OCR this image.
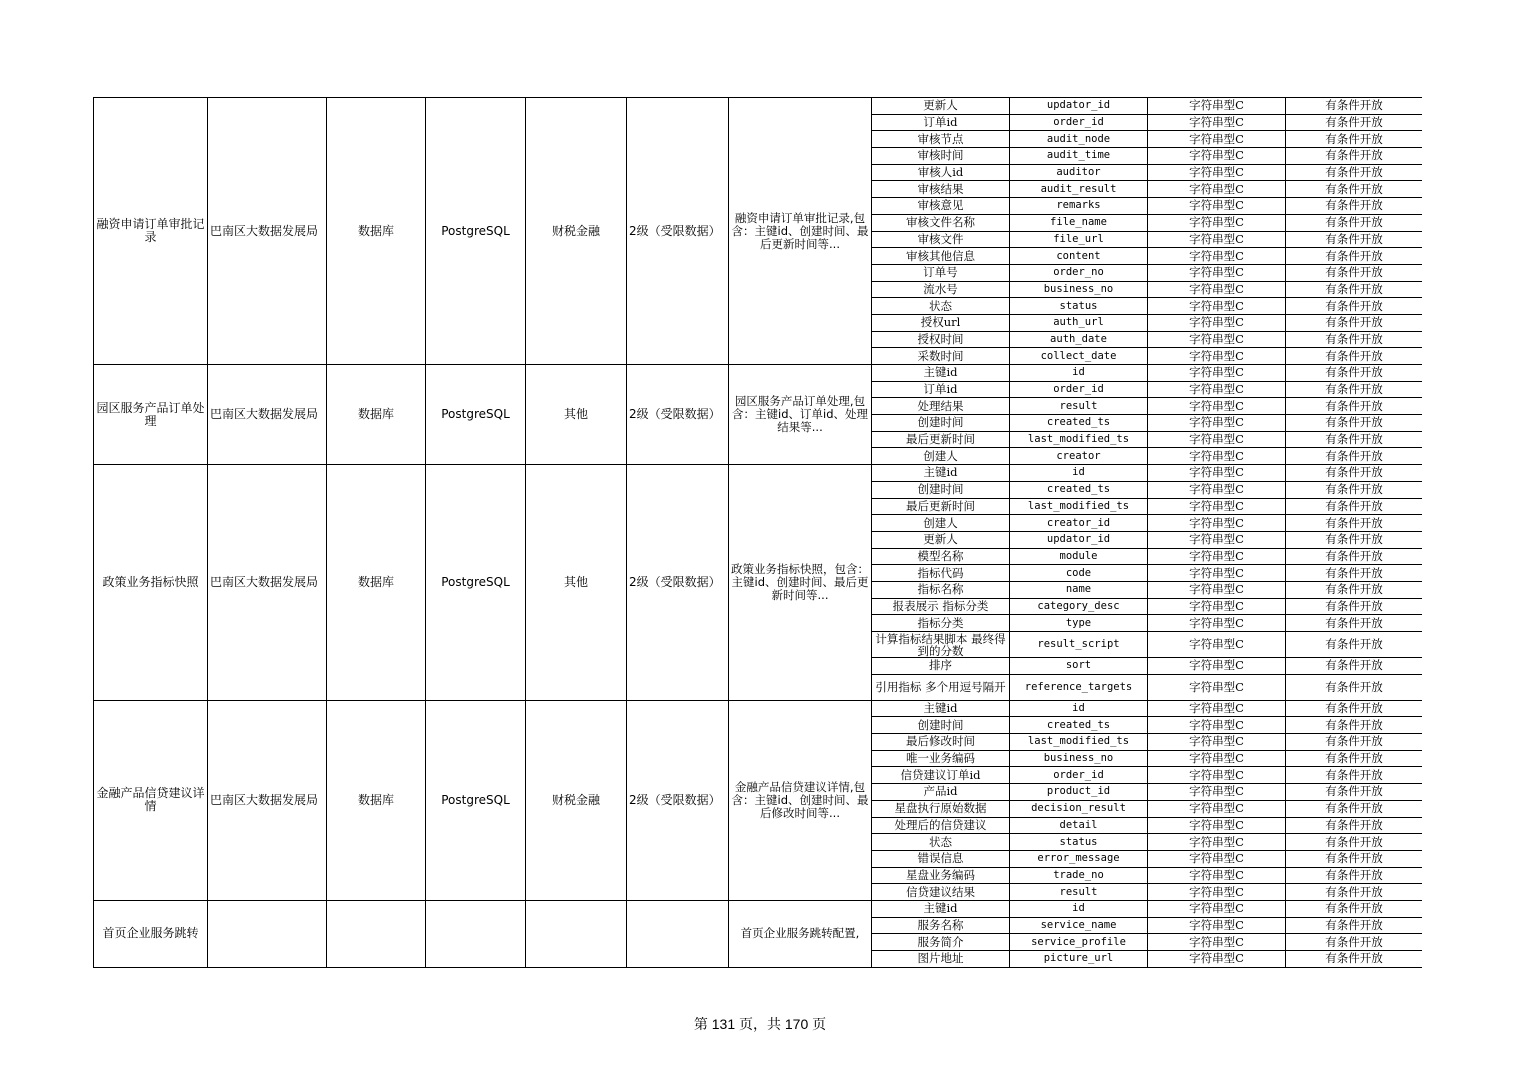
融资申请订单审批记录	巴南区大数据发展局	数据库	PostgreSQL	财税金融	2级（受限数据）	融资申请订单审批记录,包含：主键id、创建时间、最后更新时间等...	更新人	updator_id	字符串型C	有条件开放
							订单id	order_id	字符串型C	有条件开放
							审核节点	audit_node	字符串型C	有条件开放
							审核时间	audit_time	字符串型C	有条件开放
							审核人id	auditor	字符串型C	有条件开放
							审核结果	audit_result	字符串型C	有条件开放
							审核意见	remarks	字符串型C	有条件开放
							审核文件名称	file_name	字符串型C	有条件开放
							审核文件	file_url	字符串型C	有条件开放
							审核其他信息	content	字符串型C	有条件开放
							订单号	order_no	字符串型C	有条件开放
							流水号	business_no	字符串型C	有条件开放
							状态	status	字符串型C	有条件开放
							授权url	auth_url	字符串型C	有条件开放
							授权时间	auth_date	字符串型C	有条件开放
							采数时间	collect_date	字符串型C	有条件开放
园区服务产品订单处理	巴南区大数据发展局	数据库	PostgreSQL	其他	2级（受限数据）	园区服务产品订单处理,包含：主键id、订单id、处理结果等...	主键id	id	字符串型C	有条件开放
							订单id	order_id	字符串型C	有条件开放
							处理结果	result	字符串型C	有条件开放
							创建时间	created_ts	字符串型C	有条件开放
							最后更新时间	last_modified_ts	字符串型C	有条件开放
							创建人	creator	字符串型C	有条件开放
政策业务指标快照	巴南区大数据发展局	数据库	PostgreSQL	其他	2级（受限数据）	政策业务指标快照，包含：主键id、创建时间、最后更新时间等...	主键id	id	字符串型C	有条件开放
							创建时间	created_ts	字符串型C	有条件开放
							最后更新时间	last_modified_ts	字符串型C	有条件开放
							创建人	creator_id	字符串型C	有条件开放
							更新人	updator_id	字符串型C	有条件开放
							模型名称	module	字符串型C	有条件开放
							指标代码	code	字符串型C	有条件开放
							指标名称	name	字符串型C	有条件开放
							报表展示 指标分类	category_desc	字符串型C	有条件开放
							指标分类	type	字符串型C	有条件开放
							计算指标结果脚本 最终得到的分数	result_script	字符串型C	有条件开放
							排序	sort	字符串型C	有条件开放
							引用指标 多个用逗号隔开	reference_targets	字符串型C	有条件开放
金融产品信贷建议详情	巴南区大数据发展局	数据库	PostgreSQL	财税金融	2级（受限数据）	金融产品信贷建议详情,包含：主键id、创建时间、最后修改时间等...	主键id	id	字符串型C	有条件开放
							创建时间	created_ts	字符串型C	有条件开放
							最后修改时间	last_modified_ts	字符串型C	有条件开放
							唯一业务编码	business_no	字符串型C	有条件开放
							信贷建议订单id	order_id	字符串型C	有条件开放
							产品id	product_id	字符串型C	有条件开放
							星盘执行原始数据	decision_result	字符串型C	有条件开放
							处理后的信贷建议	detail	字符串型C	有条件开放
							状态	status	字符串型C	有条件开放
							错误信息	error_message	字符串型C	有条件开放
							星盘业务编码	trade_no	字符串型C	有条件开放
							信贷建议结果	result	字符串型C	有条件开放
首页企业服务跳转						首页企业服务跳转配置,	主键id	id	字符串型C	有条件开放
							服务名称	service_name	字符串型C	有条件开放
							服务简介	service_profile	字符串型C	有条件开放
							图片地址	picture_url	字符串型C	有条件开放
第 131 页，共 170 页
